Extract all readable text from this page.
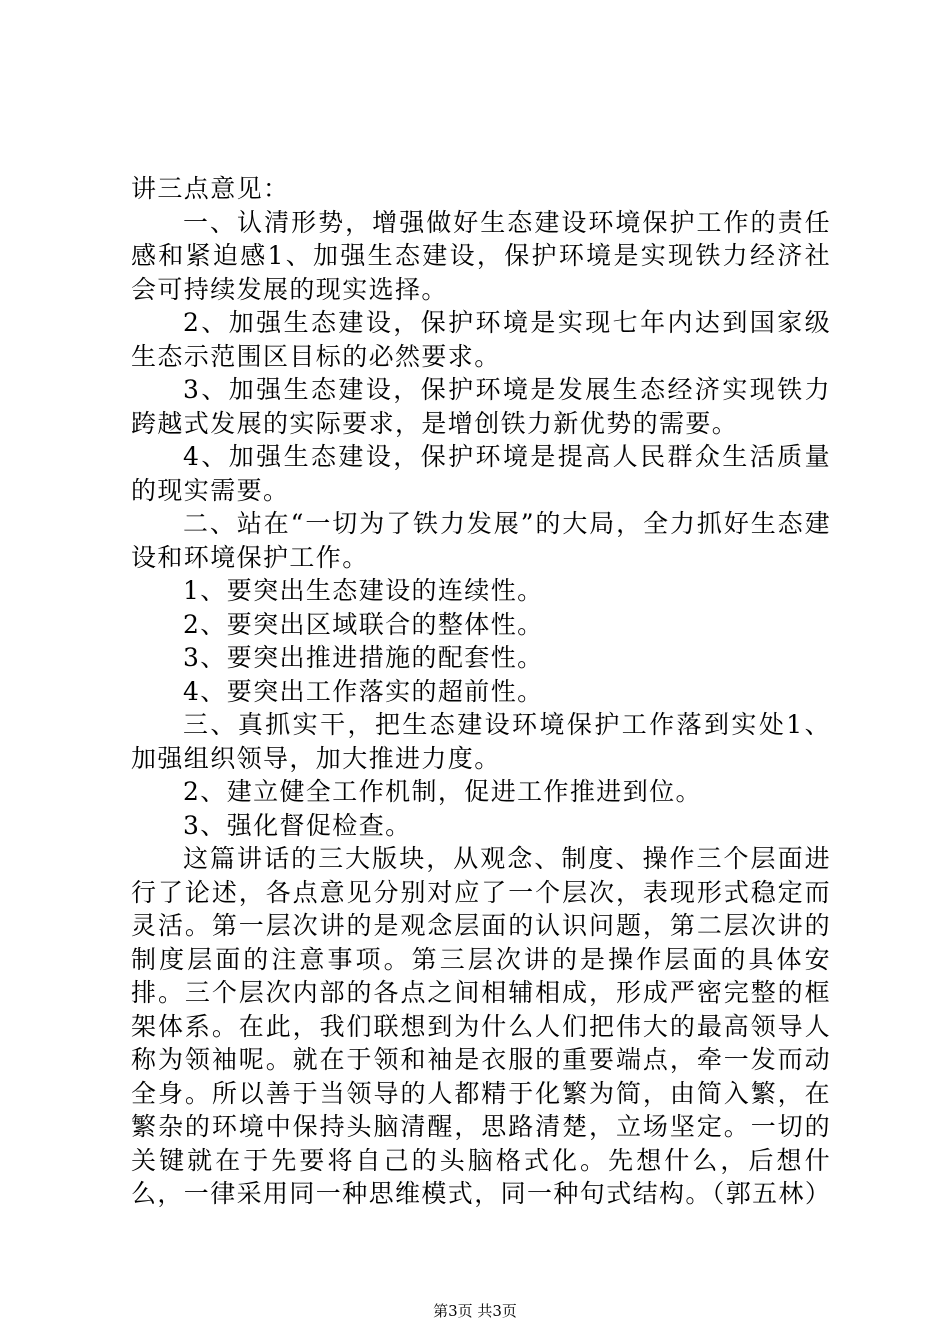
讲三点意见：

一、认清形势，增强做好生态建设环境保护工作的责任感和紧迫感1、加强生态建设，保护环境是实现铁力经济社会可持续发展的现实选择。

2、加强生态建设，保护环境是实现七年内达到国家级生态示范围区目标的必然要求。

3、加强生态建设，保护环境是发展生态经济实现铁力跨越式发展的实际要求，是增创铁力新优势的需要。

4、加强生态建设，保护环境是提高人民群众生活质量的现实需要。

二、站在“一切为了铁力发展”的大局，全力抓好生态建设和环境保护工作。

1、要突出生态建设的连续性。

2、要突出区域联合的整体性。

3、要突出推进措施的配套性。

4、要突出工作落实的超前性。

三、真抓实干，把生态建设环境保护工作落到实处1、加强组织领导，加大推进力度。

2、建立健全工作机制，促进工作推进到位。

3、强化督促检查。

这篇讲话的三大版块，从观念、制度、操作三个层面进行了论述，各点意见分别对应了一个层次，表现形式稳定而灵活。第一层次讲的是观念层面的认识问题，第二层次讲的制度层面的注意事项。第三层次讲的是操作层面的具体安排。三个层次内部的各点之间相辅相成，形成严密完整的框架体系。在此，我们联想到为什么人们把伟大的最高领导人称为领袖呢。就在于领和袖是衣服的重要端点，牵一发而动全身。所以善于当领导的人都精于化繁为简，由简入繁，在繁杂的环境中保持头脑清醒，思路清楚，立场坚定。一切的关键就在于先要将自己的头脑格式化。先想什么，后想什么，一律采用同一种思维模式，同一种句式结构。（郭五林）

第3页 共3页
